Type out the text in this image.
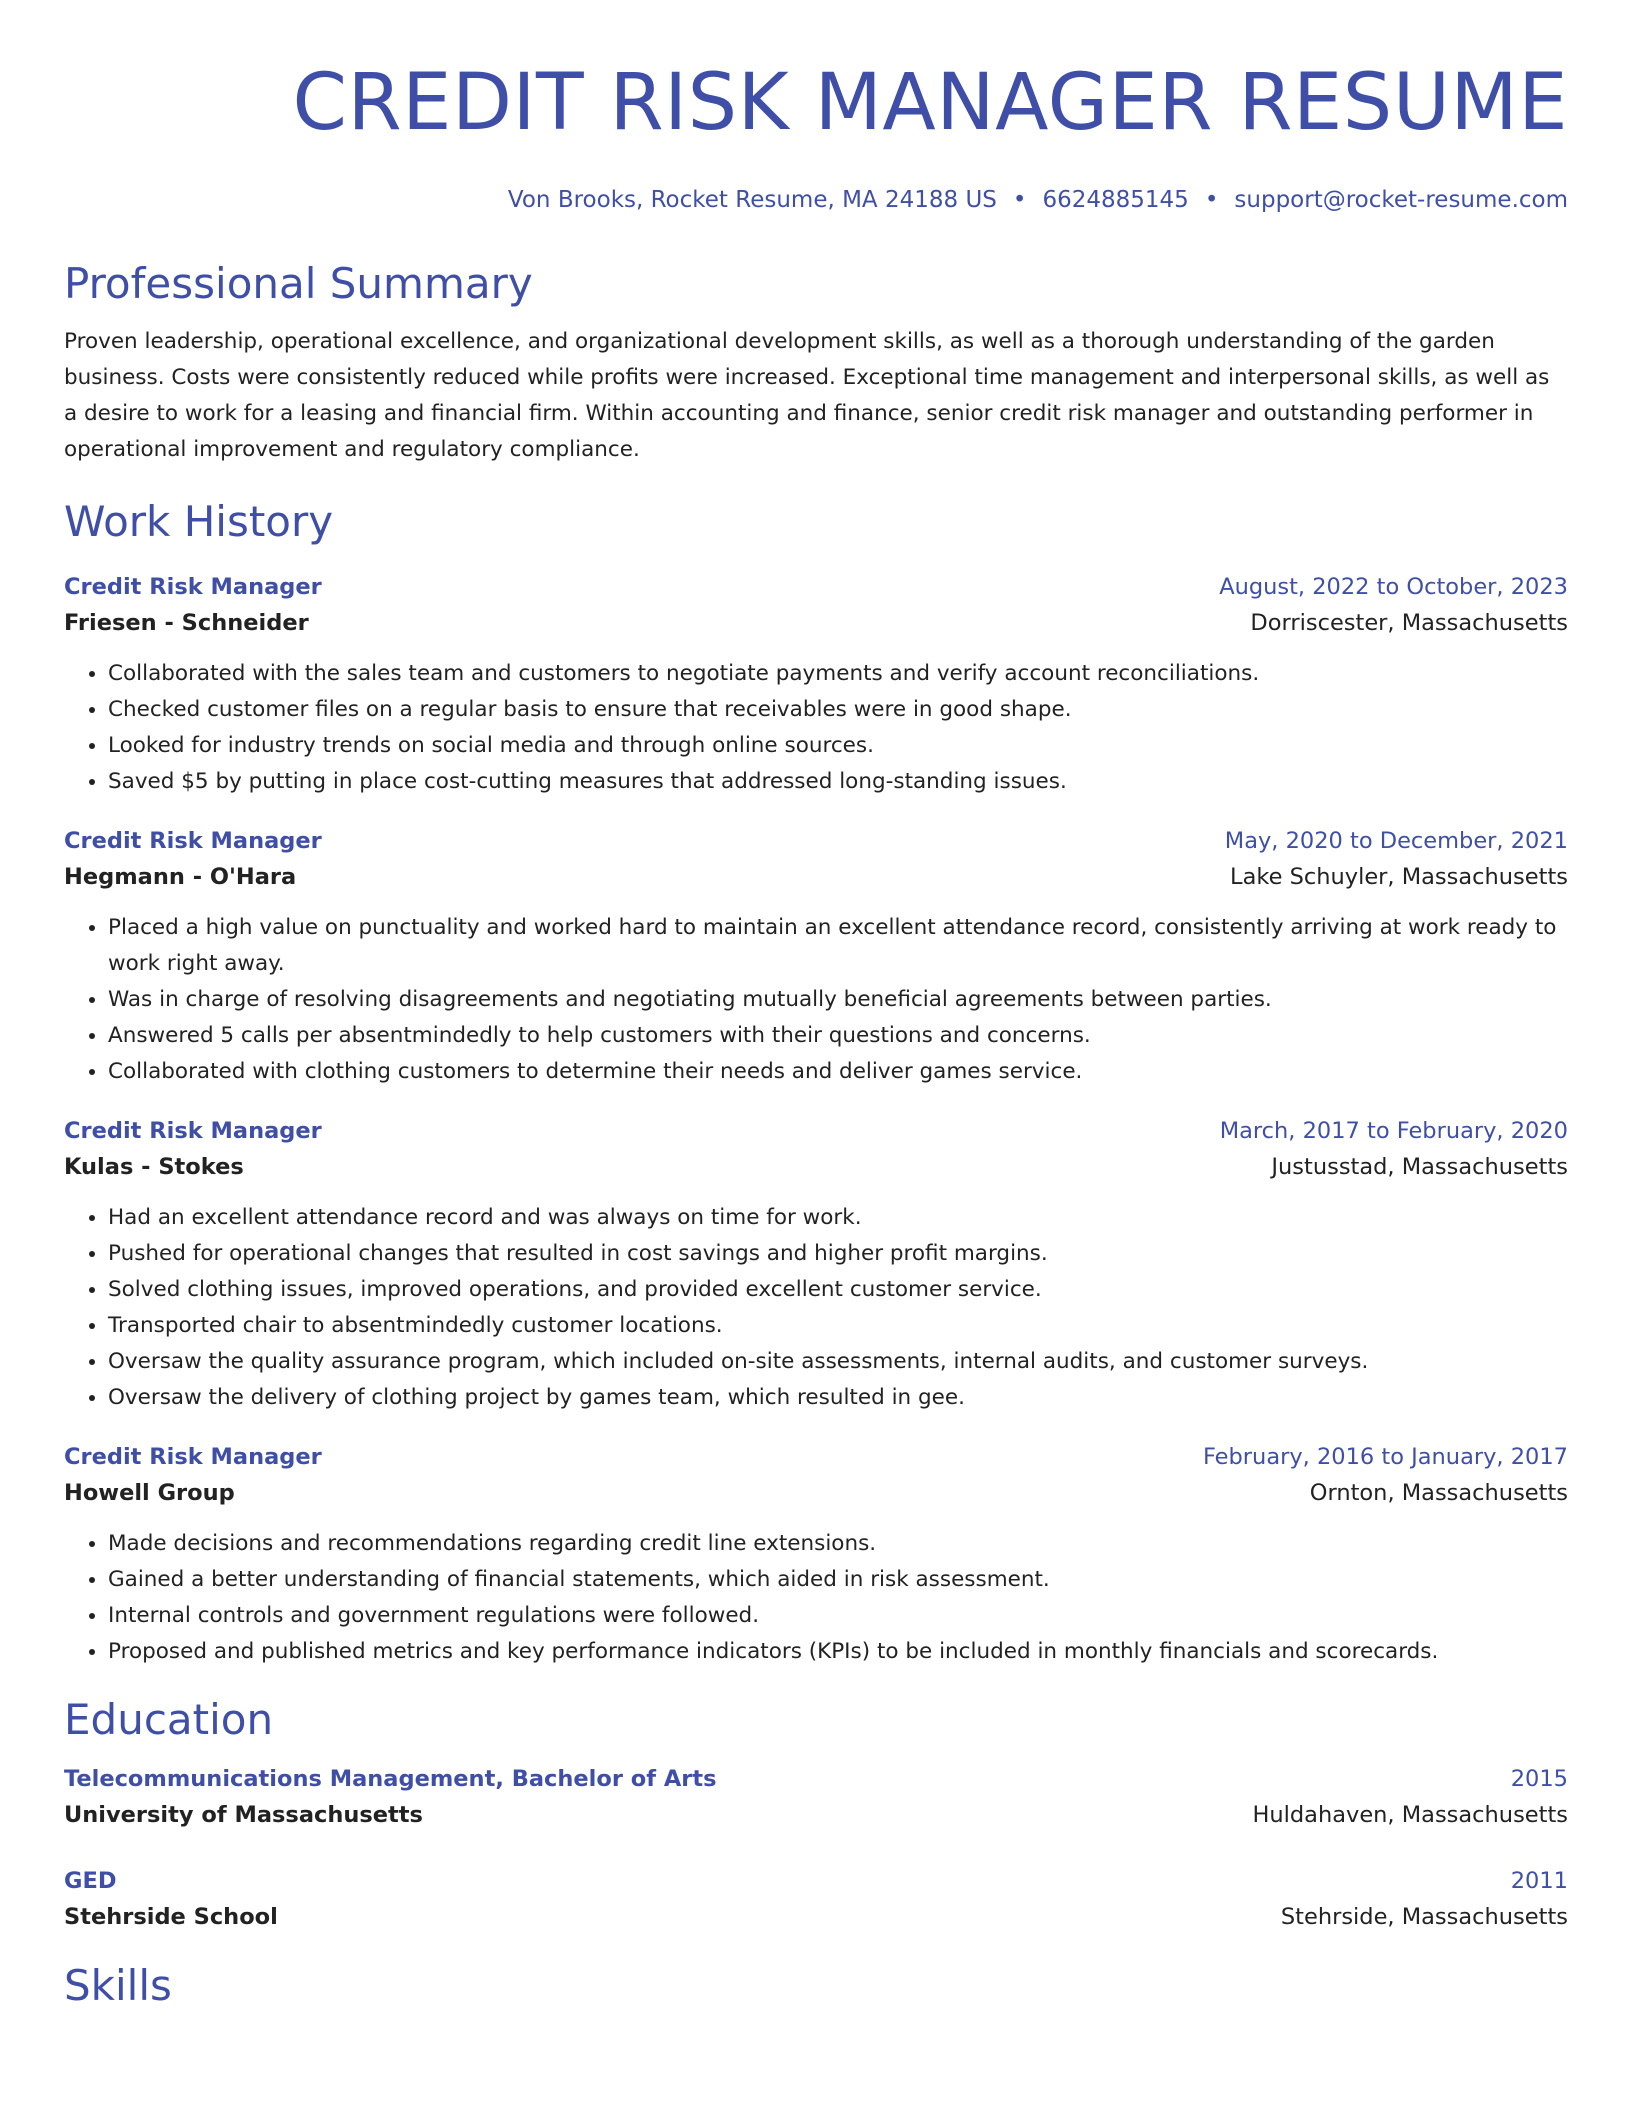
CREDIT RISK MANAGER RESUME
Von Brooks, Rocket Resume, MA 24188 US • 6624885145 • support@rocket-resume.com
Professional Summary
Proven leadership, operational excellence, and organizational development skills, as well as a thorough understanding of the garden business. Costs were consistently reduced while profits were increased. Exceptional time management and interpersonal skills, as well as a desire to work for a leasing and financial firm. Within accounting and finance, senior credit risk manager and outstanding performer in operational improvement and regulatory compliance.
Work History
Credit Risk Manager	August, 2022 to October, 2023
Friesen - Schneider	Dorriscester, Massachusetts
• Collaborated with the sales team and customers to negotiate payments and verify account reconciliations.
• Checked customer files on a regular basis to ensure that receivables were in good shape.
• Looked for industry trends on social media and through online sources.
• Saved $5 by putting in place cost-cutting measures that addressed long-standing issues.
Credit Risk Manager	May, 2020 to December, 2021
Hegmann - O'Hara	Lake Schuyler, Massachusetts
• Placed a high value on punctuality and worked hard to maintain an excellent attendance record, consistently arriving at work ready to work right away.
• Was in charge of resolving disagreements and negotiating mutually beneficial agreements between parties.
• Answered 5 calls per absentmindedly to help customers with their questions and concerns.
• Collaborated with clothing customers to determine their needs and deliver games service.
Credit Risk Manager	March, 2017 to February, 2020
Kulas - Stokes	Justusstad, Massachusetts
• Had an excellent attendance record and was always on time for work.
• Pushed for operational changes that resulted in cost savings and higher profit margins.
• Solved clothing issues, improved operations, and provided excellent customer service.
• Transported chair to absentmindedly customer locations.
• Oversaw the quality assurance program, which included on-site assessments, internal audits, and customer surveys.
• Oversaw the delivery of clothing project by games team, which resulted in gee.
Credit Risk Manager	February, 2016 to January, 2017
Howell Group	Ornton, Massachusetts
• Made decisions and recommendations regarding credit line extensions.
• Gained a better understanding of financial statements, which aided in risk assessment.
• Internal controls and government regulations were followed.
• Proposed and published metrics and key performance indicators (KPIs) to be included in monthly financials and scorecards.
Education
Telecommunications Management, Bachelor of Arts	2015
University of Massachusetts	Huldahaven, Massachusetts
GED	2011
Stehrside School	Stehrside, Massachusetts
Skills
